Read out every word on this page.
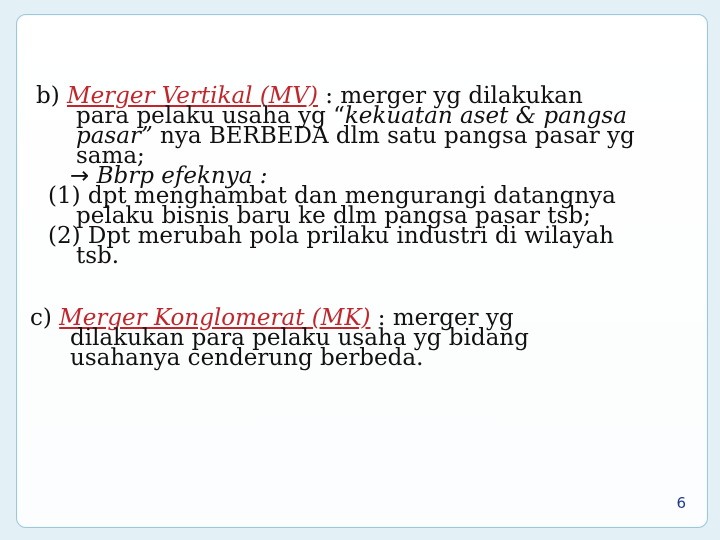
b) Merger Vertikal (MV) : merger yg dilakukan
para pelaku usaha yg “kekuatan aset & pangsa
pasar” nya BERBEDA dlm satu pangsa pasar yg
sama;
→ Bbrp efeknya :
(1) dpt menghambat dan mengurangi datangnya
pelaku bisnis baru ke dlm pangsa pasar tsb;
(2) Dpt merubah pola prilaku industri di wilayah
tsb.
c) Merger Konglomerat (MK) : merger yg
dilakukan para pelaku usaha yg bidang
usahanya cenderung berbeda.
6
